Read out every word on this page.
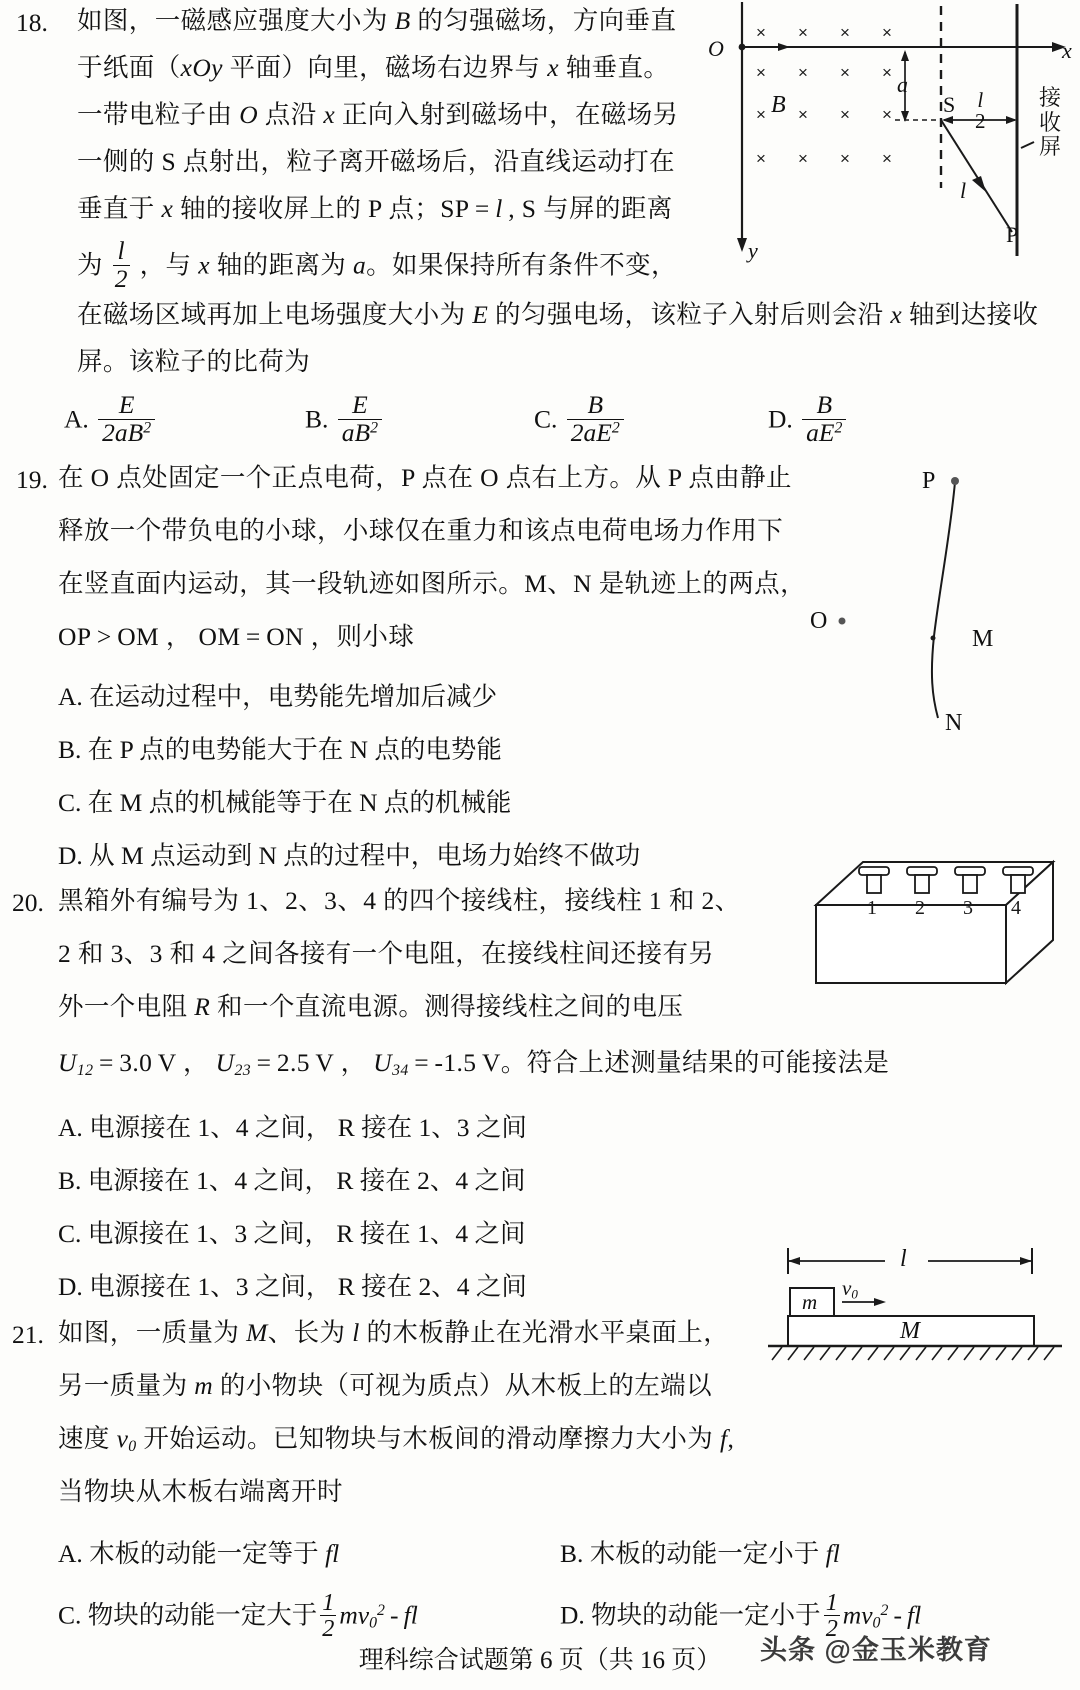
18. 如图，一磁感应强度大小为 B 的匀强磁场，方向垂直
于纸面（xOy 平面）向里，磁场右边界与 x 轴垂直。
一带电粒子由 O 点沿 x 正向入射到磁场中，在磁场另
一侧的 S 点射出，粒子离开磁场后，沿直线运动打在
垂直于 x 轴的接收屏上的 P 点；SP = l , S 与屏的距离
为 $\frac{l}{2}$ ，与 x 轴的距离为 a。如果保持所有条件不变，
在磁场区域再加上电场强度大小为 E 的匀强电场，该粒子入射后则会沿 x 轴到达接收
屏。该粒子的比荷为
× × × ×
× × × ×
× × × ×
× × × ×
O	x
y
B
a
S
P
l
l
2
接
收
屏
A. $\frac{E}{2aB^2}$	B. $\frac{E}{aB^2}$	C. $\frac{B}{2aE^2}$	D. $\frac{B}{aE^2}$
19. 在 O 点处固定一个正点电荷，P 点在 O 点右上方。从 P 点由静止
释放一个带负电的小球，小球仅在重力和该点电荷电场力作用下
在竖直面内运动，其一段轨迹如图所示。M、N 是轨迹上的两点，
OP > OM ， OM = ON ，则小球
A. 在运动过程中，电势能先增加后减少
B. 在 P 点的电势能大于在 N 点的电势能
C. 在 M 点的机械能等于在 N 点的机械能
D. 从 M 点运动到 N 点的过程中，电场力始终不做功
P
M
O
N
20. 黑箱外有编号为 1、2、3、4 的四个接线柱，接线柱 1 和 2、
2 和 3、3 和 4 之间各接有一个电阻，在接线柱间还接有另
外一个电阻 R 和一个直流电源。测得接线柱之间的电压
$U_{12} = 3.0$ V ， $U_{23} = 2.5$ V ， $U_{34} = -1.5$ V。符合上述测量结果的可能接法是
A. 电源接在 1、4 之间， R 接在 1、3 之间
B. 电源接在 1、4 之间， R 接在 2、4 之间
C. 电源接在 1、3 之间， R 接在 1、4 之间
D. 电源接在 1、3 之间， R 接在 2、4 之间
1 2 3 4
21. 如图，一质量为 M、长为 l 的木板静止在光滑水平桌面上，
另一质量为 m 的小物块（可视为质点）从木板上的左端以
速度 $v_0$ 开始运动。已知物块与木板间的滑动摩擦力大小为 f,
当物块从木板右端离开时
l
m
$v_0$
M
A. 木板的动能一定等于 fl	B. 木板的动能一定小于 fl
C. 物块的动能一定大于 $\frac{1}{2} mv_0^2$ - fl	D. 物块的动能一定小于 $\frac{1}{2} mv_0^2$ - fl
理科综合试题第 6 页（共 16 页）	头条 @金玉米教育
